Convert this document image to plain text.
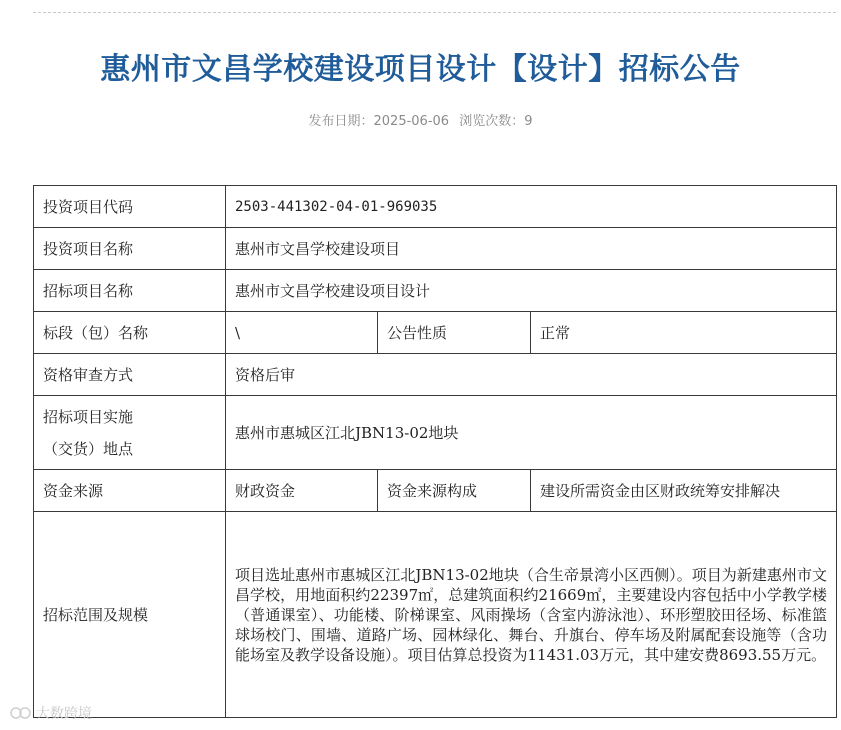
惠州市文昌学校建设项目设计【设计】招标公告
发布日期：2025-06-06 浏览次数：9
投资项目代码	2503-441302-04-01-969035		
投资项目名称	惠州市文昌学校建设项目		
招标项目名称	惠州市文昌学校建设项目设计		
标段（包）名称	\	公告性质	正常
资格审查方式	资格后审		

招标项目实施
（交货）地点	惠州市惠城区江北JBN13-02地块		
资金来源	财政资金	资金来源构成	建设所需资金由区财政统筹安排解决
招标范围及规模	项目选址惠州市惠城区江北JBN13-02地块（合生帝景湾小区西侧）。项目为新建惠州市文昌学校，用地面积约22397㎡，总建筑面积约21669㎡，主要建设内容包括中小学教学楼（普通课室）、功能楼、阶梯课室、风雨操场（含室内游泳池）、环形塑胶田径场、标准篮球场校门、围墙、道路广场、园林绿化、舞台、升旗台、停车场及附属配套设施等（含功能场室及教学设备设施）。项目估算总投资为11431.03万元，其中建安费8693.55万元。		
大数跨境
